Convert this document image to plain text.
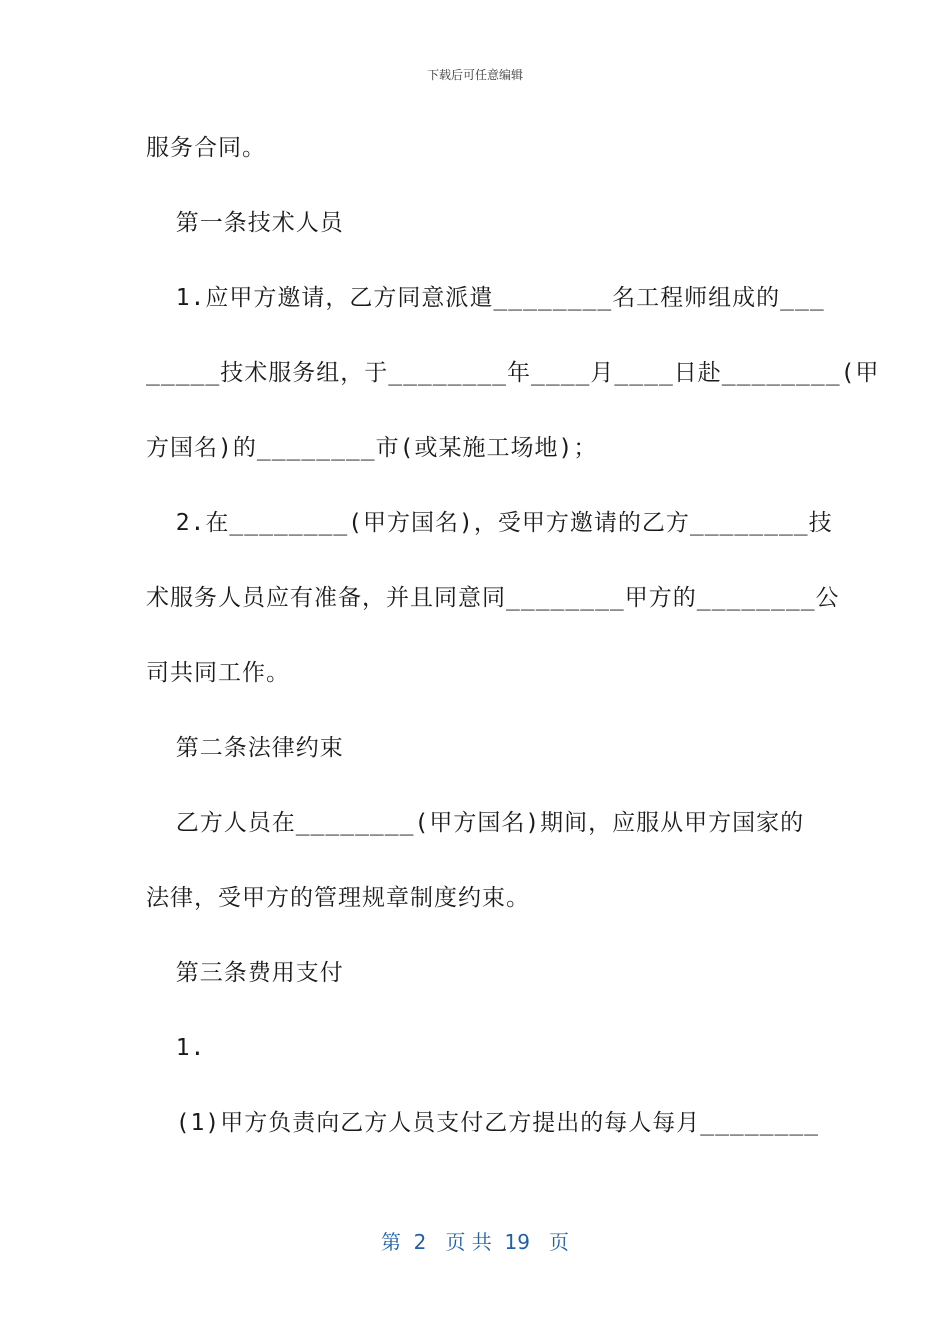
下载后可任意编辑
服务合同。
第一条技术人员
1.应甲方邀请，乙方同意派遣________名工程师组成的___
_____技术服务组，于________年____月____日赴________(甲
方国名)的________市(或某施工场地)；
2.在________(甲方国名)，受甲方邀请的乙方________技
术服务人员应有准备，并且同意同________甲方的________公
司共同工作。
第二条法律约束
乙方人员在________(甲方国名)期间，应服从甲方国家的
法律，受甲方的管理规章制度约束。
第三条费用支付
1.
(1)甲方负责向乙方人员支付乙方提出的每人每月________
第  2   页 共  19   页
